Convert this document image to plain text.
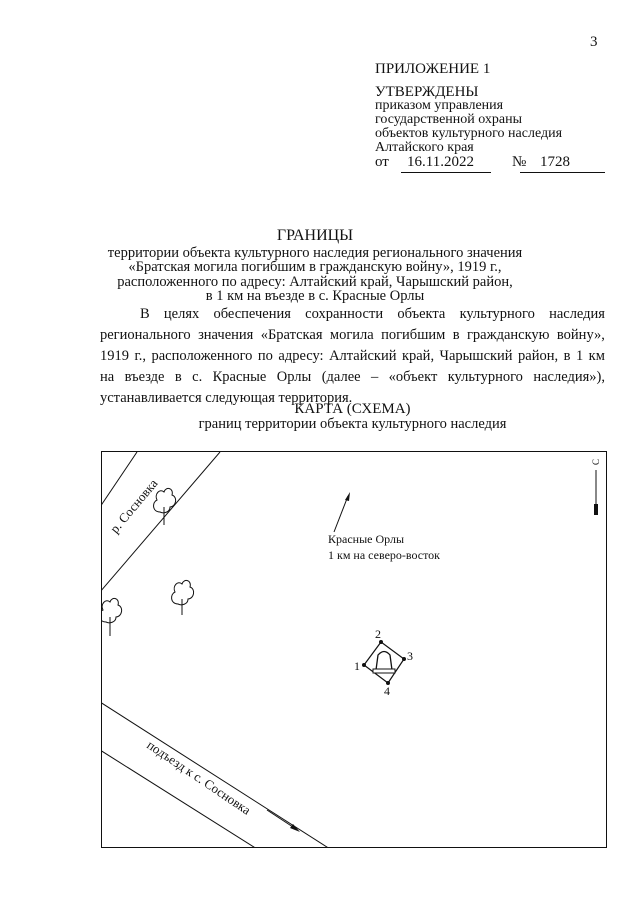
3
ПРИЛОЖЕНИЕ 1
УТВЕРЖДЕНЫ
приказом управления
государственной охраны
объектов культурного наследия
Алтайского края
от 16.11.2022	№ 1728
ГРАНИЦЫ
территории объекта культурного наследия регионального значения
«Братская могила погибшим в гражданскую войну», 1919 г.,
расположенного по адресу: Алтайский край, Чарышский район,
в 1 км на въезде в с. Красные Орлы
В целях обеспечения сохранности объекта культурного наследия
регионального значения «Братская могила погибшим в гражданскую войну»,
1919 г., расположенного по адресу: Алтайский край, Чарышский район, в 1 км
на въезде в с. Красные Орлы (далее – «объект культурного наследия»),
устанавливается следующая территория.
КАРТА (СХЕМА)
границ территории объекта культурного наследия
р. Сосновка
Красные Орлы
1 км на северо-восток
С
1
2
3
4
подъезд к с. Сосновка
